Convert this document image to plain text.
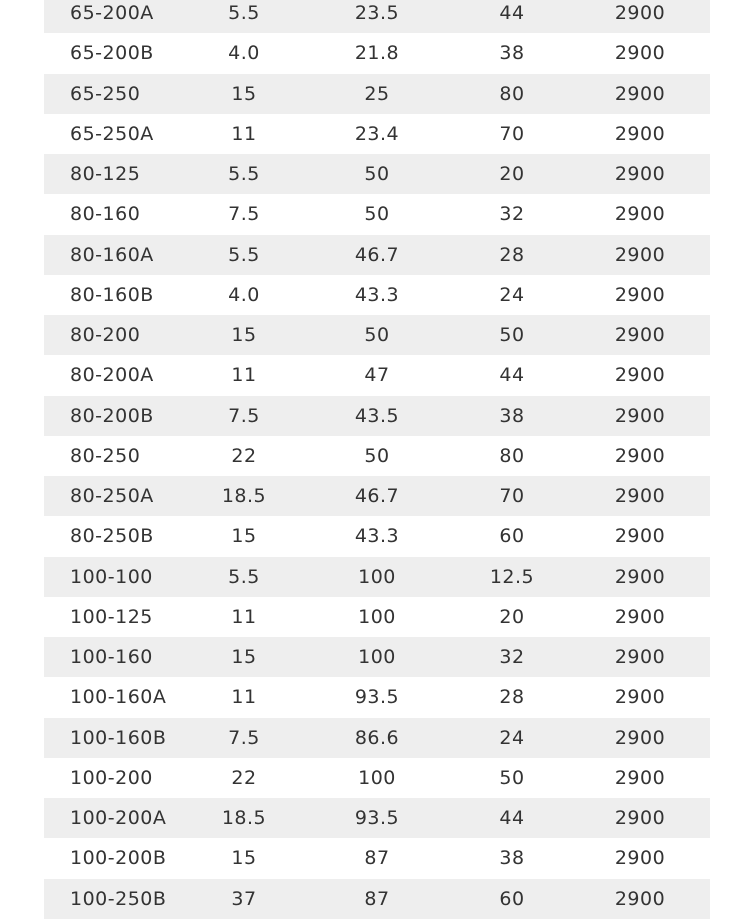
65-200A	5.5	23.5	44	2900
65-200B	4.0	21.8	38	2900
65-250	15	25	80	2900
65-250A	11	23.4	70	2900
80-125	5.5	50	20	2900
80-160	7.5	50	32	2900
80-160A	5.5	46.7	28	2900
80-160B	4.0	43.3	24	2900
80-200	15	50	50	2900
80-200A	11	47	44	2900
80-200B	7.5	43.5	38	2900
80-250	22	50	80	2900
80-250A	18.5	46.7	70	2900
80-250B	15	43.3	60	2900
100-100	5.5	100	12.5	2900
100-125	11	100	20	2900
100-160	15	100	32	2900
100-160A	11	93.5	28	2900
100-160B	7.5	86.6	24	2900
100-200	22	100	50	2900
100-200A	18.5	93.5	44	2900
100-200B	15	87	38	2900
100-250B	37	87	60	2900
